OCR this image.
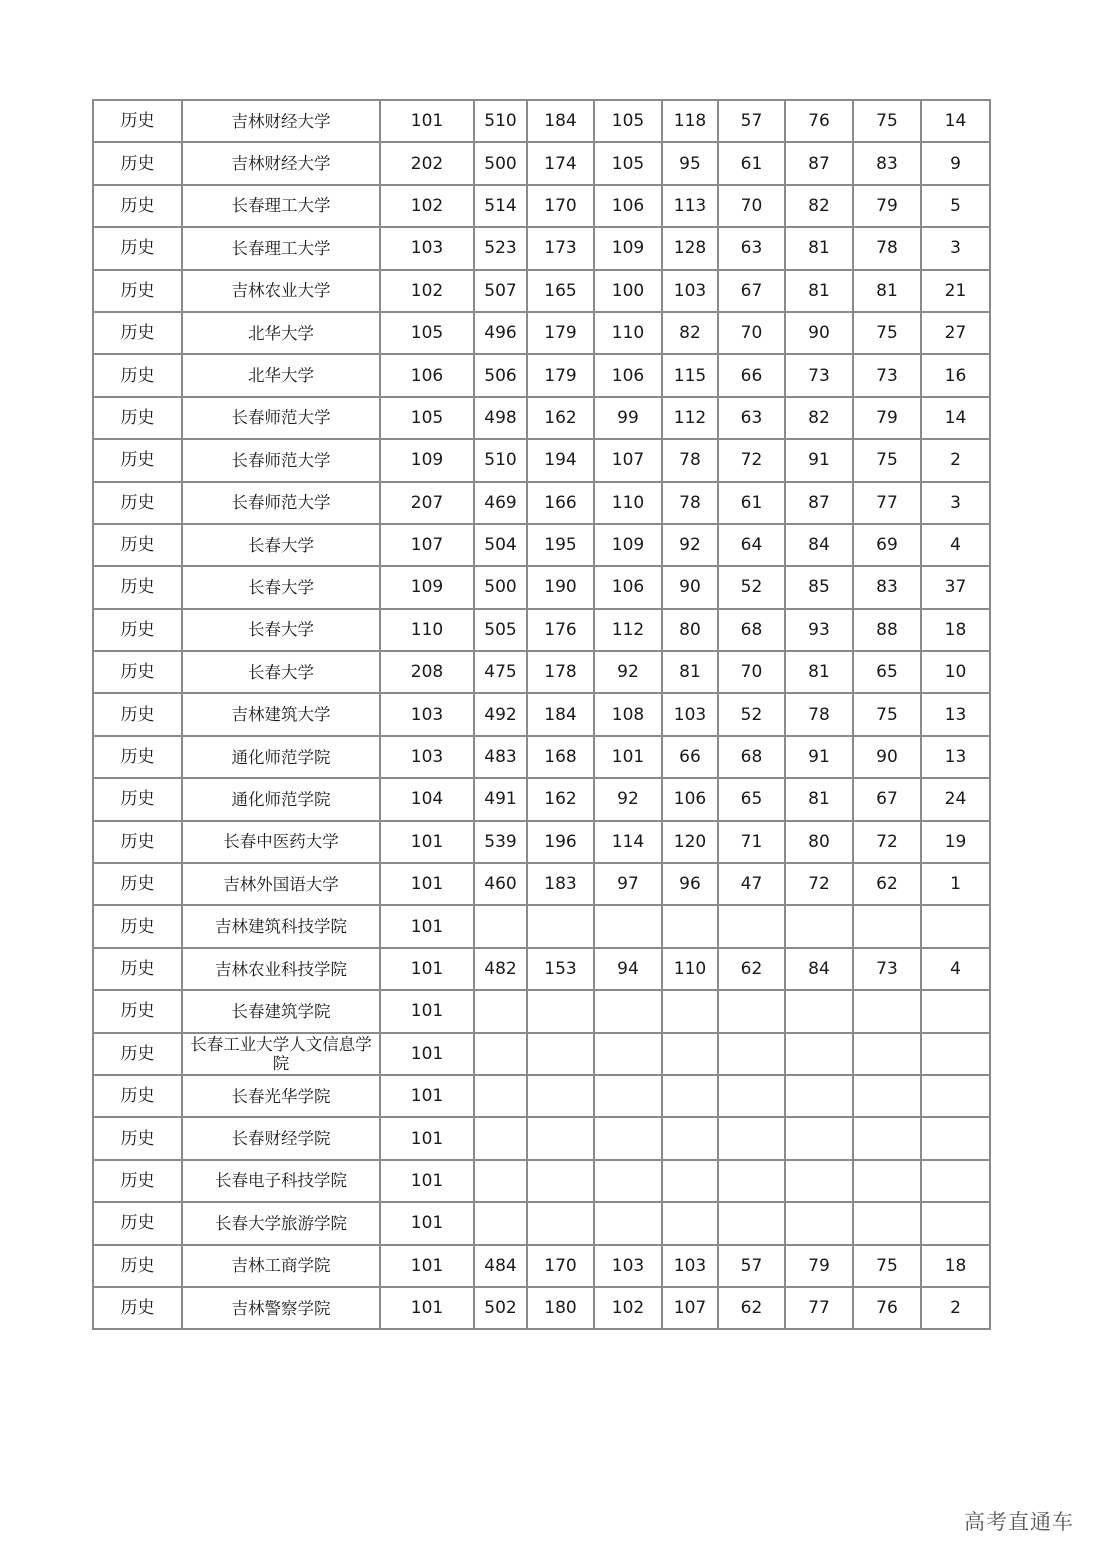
历史	吉林财经大学	101	510	184	105	118	57	76	75	14
历史	吉林财经大学	202	500	174	105	95	61	87	83	9
历史	长春理工大学	102	514	170	106	113	70	82	79	5
历史	长春理工大学	103	523	173	109	128	63	81	78	3
历史	吉林农业大学	102	507	165	100	103	67	81	81	21
历史	北华大学	105	496	179	110	82	70	90	75	27
历史	北华大学	106	506	179	106	115	66	73	73	16
历史	长春师范大学	105	498	162	99	112	63	82	79	14
历史	长春师范大学	109	510	194	107	78	72	91	75	2
历史	长春师范大学	207	469	166	110	78	61	87	77	3
历史	长春大学	107	504	195	109	92	64	84	69	4
历史	长春大学	109	500	190	106	90	52	85	83	37
历史	长春大学	110	505	176	112	80	68	93	88	18
历史	长春大学	208	475	178	92	81	70	81	65	10
历史	吉林建筑大学	103	492	184	108	103	52	78	75	13
历史	通化师范学院	103	483	168	101	66	68	91	90	13
历史	通化师范学院	104	491	162	92	106	65	81	67	24
历史	长春中医药大学	101	539	196	114	120	71	80	72	19
历史	吉林外国语大学	101	460	183	97	96	47	72	62	1
历史	吉林建筑科技学院	101								
历史	吉林农业科技学院	101	482	153	94	110	62	84	73	4
历史	长春建筑学院	101								
历史	长春工业大学人文信息学院	101								
历史	长春光华学院	101								
历史	长春财经学院	101								
历史	长春电子科技学院	101								
历史	长春大学旅游学院	101								
历史	吉林工商学院	101	484	170	103	103	57	79	75	18
历史	吉林警察学院	101	502	180	102	107	62	77	76	2
高考直通车
